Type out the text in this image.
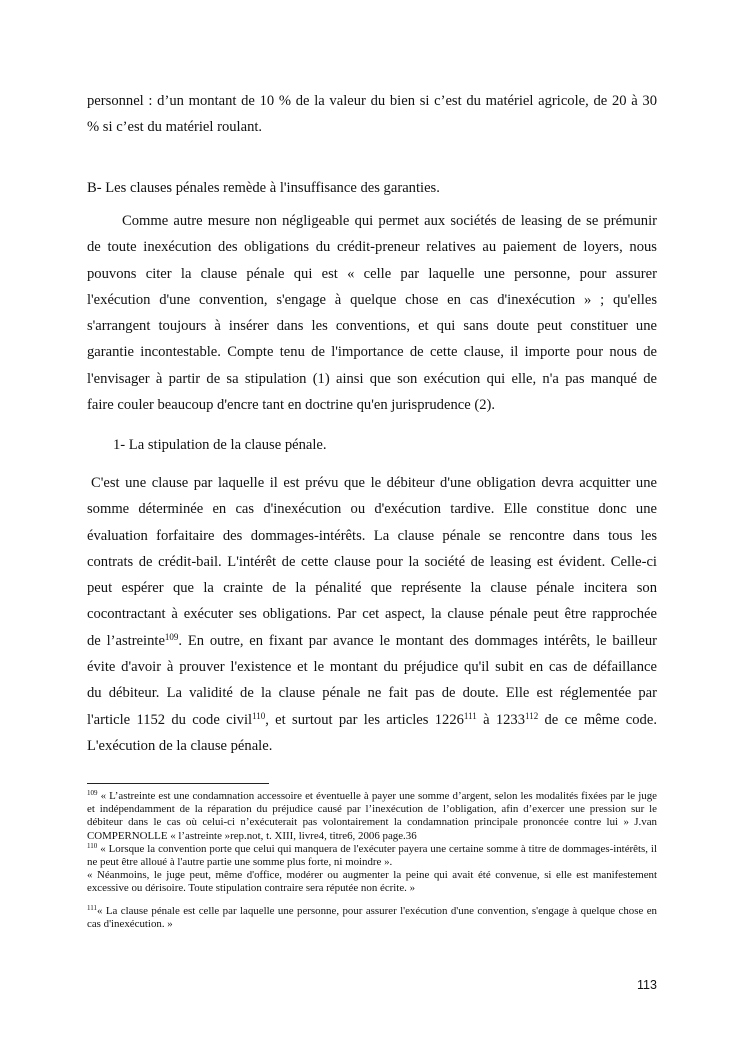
personnel : d’un montant de 10 % de la valeur du bien si c’est du matériel agricole, de 20 à 30

% si c’est du matériel roulant.

B- Les clauses pénales remède à l'insuffisance des garanties.

Comme autre mesure non négligeable qui permet aux sociétés de leasing de se prémunir

de toute inexécution des obligations du crédit-preneur relatives au paiement de loyers, nous

pouvons citer la clause pénale qui est « celle par laquelle une personne, pour assurer

l'exécution d'une convention, s'engage à quelque chose en cas d'inexécution » ; qu'elles

s'arrangent toujours à insérer dans les conventions, et qui sans doute peut constituer une

garantie incontestable. Compte tenu de l'importance de cette clause, il importe pour nous de

l'envisager à partir de sa stipulation (1) ainsi que son exécution qui elle, n'a pas manqué de

faire couler beaucoup d'encre tant en doctrine qu'en jurisprudence (2).

1- La stipulation de la clause pénale.

C'est une clause par laquelle il est prévu que le débiteur d'une obligation devra acquitter une

somme déterminée en cas d'inexécution ou d'exécution tardive. Elle constitue donc une

évaluation forfaitaire des dommages-intérêts. La clause pénale se rencontre dans tous les

contrats de crédit-bail. L'intérêt de cette clause pour la société de leasing est évident. Celle-ci

peut espérer que la crainte de la pénalité que représente la clause pénale incitera son

cocontractant à exécuter ses obligations. Par cet aspect, la clause pénale peut être rapprochée

de l’astreinte$^{109}$. En outre, en fixant par avance le montant des dommages intérêts, le bailleur

évite d'avoir à prouver l'existence et le montant du préjudice qu'il subit en cas de défaillance

du débiteur. La validité de la clause pénale ne fait pas de doute. Elle est réglementée par

l'article 1152 du code civil$^{110}$, et surtout par les articles 1226$^{111}$ à 1233$^{112}$ de ce même code.

L'exécution de la clause pénale.

$^{109}$ « L’astreinte est une condamnation accessoire et éventuelle à payer une somme d’argent, selon les modalités fixées par le juge et indépendamment de la réparation du préjudice causé par l’inexécution de l’obligation, afin d’exercer une pression sur le débiteur dans le cas où celui-ci n’exécuterait pas volontairement la condamnation principale prononcée contre lui » J.van COMPERNOLLE « l’astreinte »rep.not, t. XIII, livre4, titre6, 2006 page.36

$^{110}$ « Lorsque la convention porte que celui qui manquera de l'exécuter payera une certaine somme à titre de dommages-intérêts, il ne peut être alloué à l'autre partie une somme plus forte, ni moindre ».

« Néanmoins, le juge peut, même d'office, modérer ou augmenter la peine qui avait été convenue, si elle est manifestement excessive ou dérisoire. Toute stipulation contraire sera réputée non écrite. »

$^{111}$« La clause pénale est celle par laquelle une personne, pour assurer l'exécution d'une convention, s'engage à quelque chose en cas d'inexécution. »

113
